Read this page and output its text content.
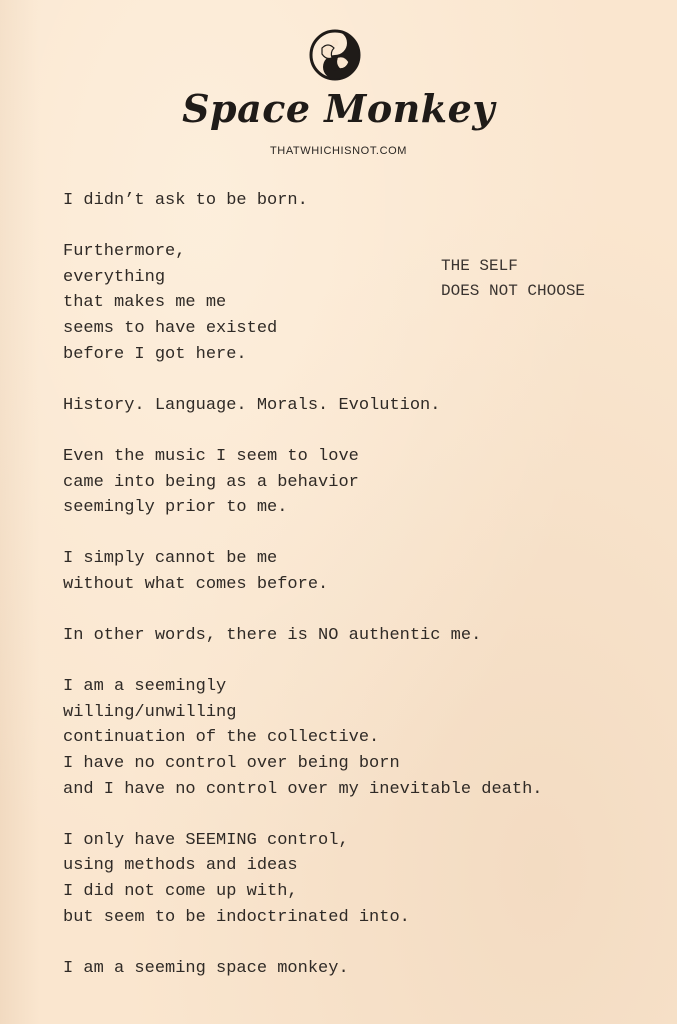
Space Monkey
THATWHICHISNOT.COM
THE SELF
DOES NOT CHOOSE

I didn’t ask to be born.

Furthermore,
everything
that makes me me
seems to have existed
before I got here.

History. Language. Morals. Evolution.

Even the music I seem to love
came into being as a behavior
seemingly prior to me.

I simply cannot be me
without what comes before.

In other words, there is NO authentic me.

I am a seemingly
willing/unwilling
continuation of the collective.
I have no control over being born
and I have no control over my inevitable death.

I only have SEEMING control,
using methods and ideas
I did not come up with,
but seem to be indoctrinated into.

I am a seeming space monkey.
